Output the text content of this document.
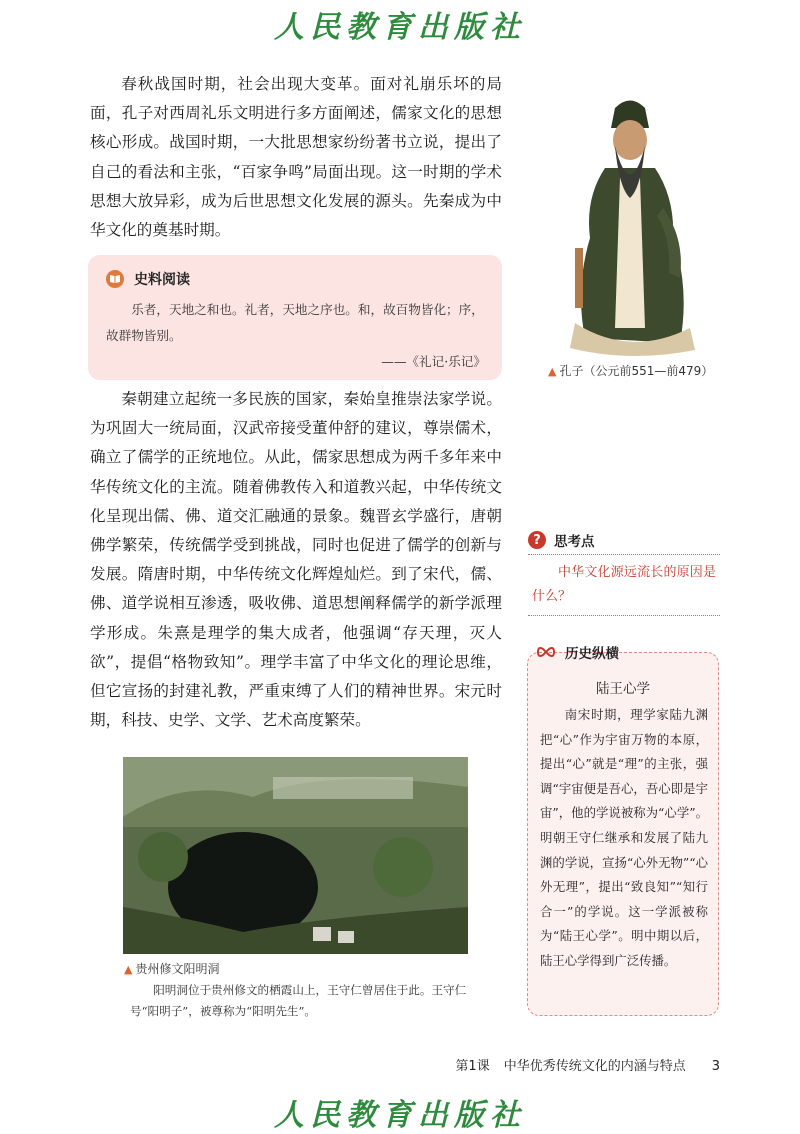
人民教育出版社

春秋战国时期，社会出现大变革。面对礼崩乐坏的局面，孔子对西周礼乐文明进行多方面阐述，儒家文化的思想核心形成。战国时期，一大批思想家纷纷著书立说，提出了自己的看法和主张，“百家争鸣”局面出现。这一时期的学术思想大放异彩，成为后世思想文化发展的源头。先秦成为中华文化的奠基时期。

史料阅读

乐者，天地之和也。礼者，天地之序也。和，故百物皆化；序，故群物皆别。

——《礼记·乐记》
▲ 孔子（公元前551—前479）

秦朝建立起统一多民族的国家，秦始皇推崇法家学说。为巩固大一统局面，汉武帝接受董仲舒的建议，尊崇儒术，确立了儒学的正统地位。从此，儒家思想成为两千多年来中华传统文化的主流。随着佛教传入和道教兴起，中华传统文化呈现出儒、佛、道交汇融通的景象。魏晋玄学盛行，唐朝佛学繁荣，传统儒学受到挑战，同时也促进了儒学的创新与发展。隋唐时期，中华传统文化辉煌灿烂。到了宋代，儒、佛、道学说相互渗透，吸收佛、道思想阐释儒学的新学派理学形成。朱熹是理学的集大成者，他强调“存天理，灭人欲”，提倡“格物致知”。理学丰富了中华文化的理论思维，但它宣扬的封建礼教，严重束缚了人们的精神世界。宋元时期，科技、史学、文学、艺术高度繁荣。

? 思考点

中华文化源远流长的原因是什么？

陆王心学

南宋时期，理学家陆九渊把“心”作为宇宙万物的本原，提出“心”就是“理”的主张，强调“宇宙便是吾心，吾心即是宇宙”，他的学说被称为“心学”。明朝王守仁继承和发展了陆九渊的学说，宣扬“心外无物”“心外无理”，提出“致良知”“知行合一”的学说。这一学派被称为“陆王心学”。明中期以后，陆王心学得到广泛传播。

历史纵横
▲ 贵州修文阳明洞

阳明洞位于贵州修文的栖霞山上，王守仁曾居住于此。王守仁号“阳明子”，被尊称为“阳明先生”。

第1课 中华优秀传统文化的内涵与特点 3
人民教育出版社
